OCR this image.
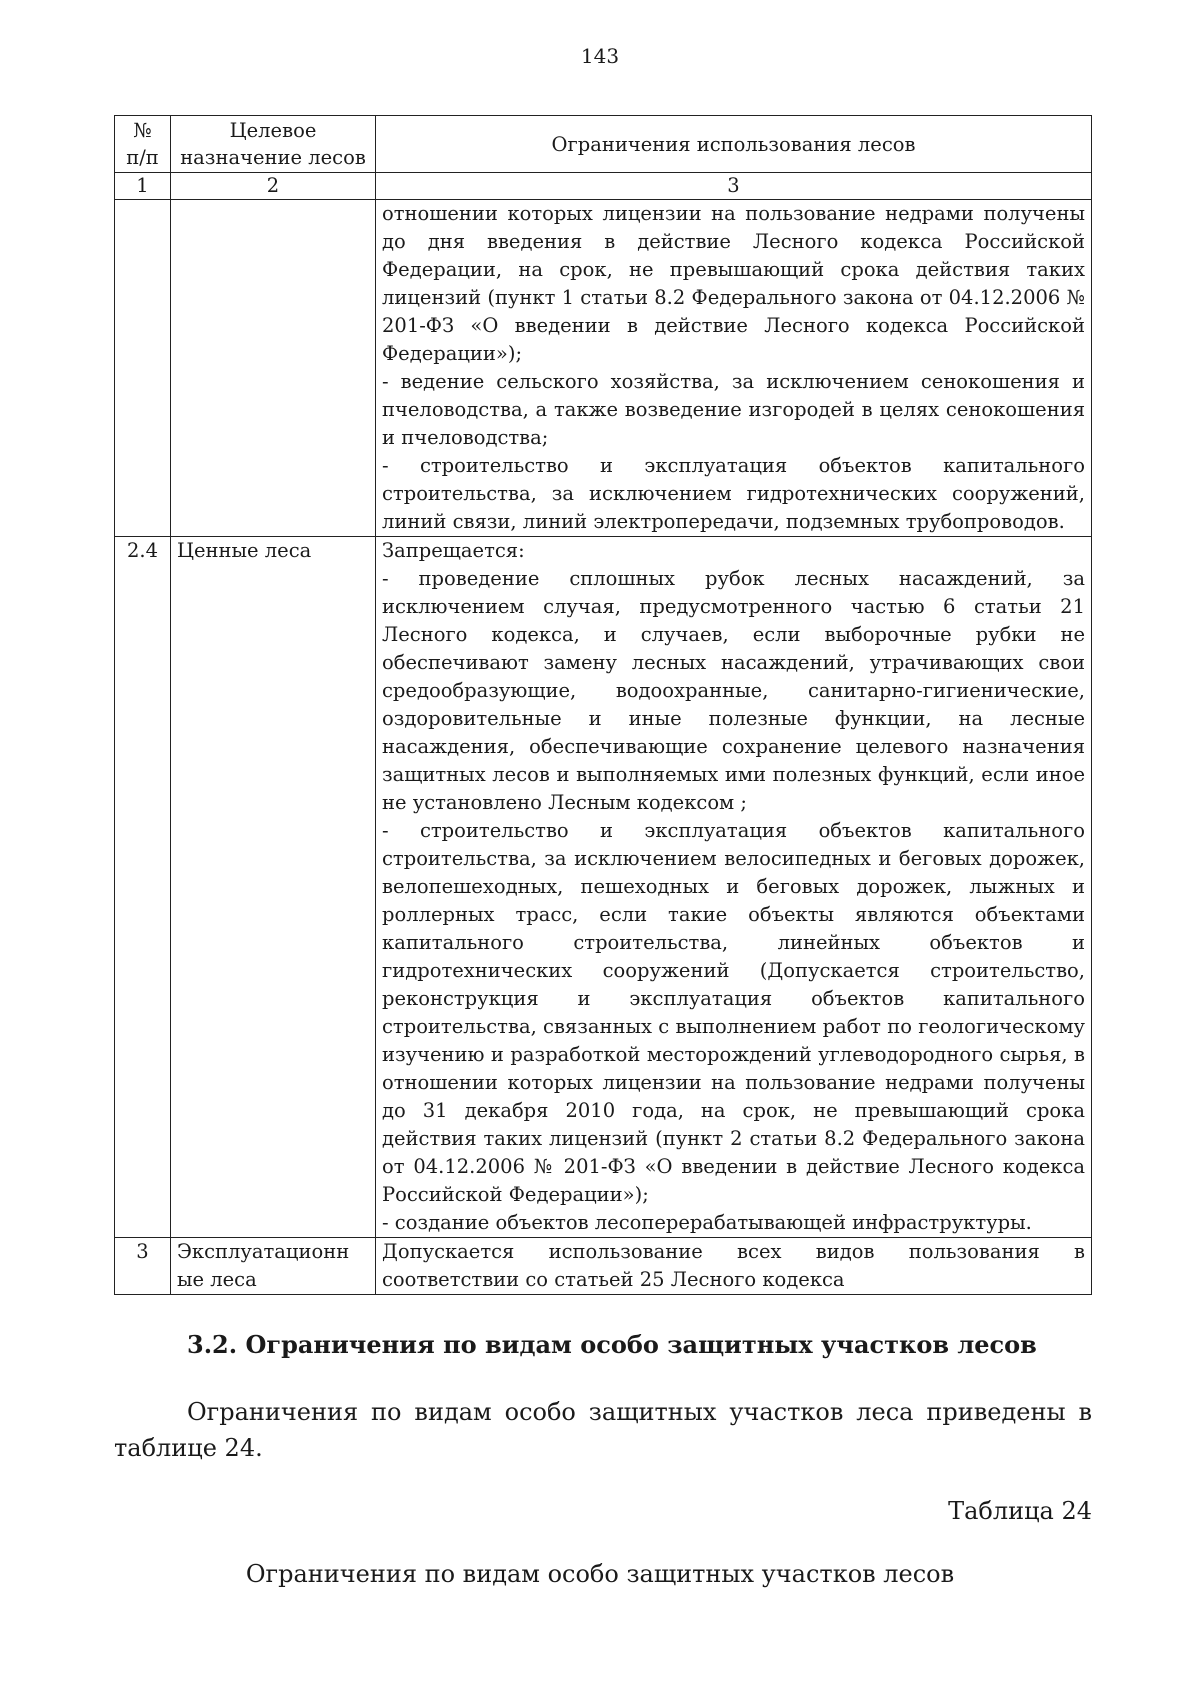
143
№ п/п	Целевое назначение лесов	Ограничения использования лесов
1	2	3

		отношении которых лицензии на пользование недрами получены до дня введения в действие Лесного кодекса Российской Федерации, на срок, не превышающий срока действия таких лицензий (пункт 1 статьи 8.2 Федерального закона от 04.12.2006 № 201-ФЗ «О введении в действие Лесного кодекса Российской Федерации»);

- ведение сельского хозяйства, за исключением сенокошения и пчеловодства, а также возведение изгородей в целях сенокошения и пчеловодства;

- строительство и эксплуатация объектов капитального строительства, за исключением гидротехнических сооружений, линий связи, линий электропередачи, подземных трубопроводов.

2.4	Ценные леса	Запрещается:

- проведение сплошных рубок лесных насаждений, за исключением случая, предусмотренного частью 6 статьи 21 Лесного кодекса, и случаев, если выборочные рубки не обеспечивают замену лесных насаждений, утрачивающих свои средообразующие, водоохранные, санитарно-гигиенические, оздоровительные и иные полезные функции, на лесные насаждения, обеспечивающие сохранение целевого назначения защитных лесов и выполняемых ими полезных функций, если иное не установлено Лесным кодексом ;

- строительство и эксплуатация объектов капитального строительства, за исключением велосипедных и беговых дорожек, велопешеходных, пешеходных и беговых дорожек, лыжных и роллерных трасс, если такие объекты являются объектами капитального строительства, линейных объектов и гидротехнических сооружений (Допускается строительство, реконструкция и эксплуатация объектов капитального строительства, связанных с выполнением работ по геологическому изучению и разработкой месторождений углеводородного сырья, в отношении которых лицензии на пользование недрами получены до 31 декабря 2010 года, на срок, не превышающий срока действия таких лицензий (пункт 2 статьи 8.2 Федерального закона от 04.12.2006 № 201-ФЗ «О введении в действие Лесного кодекса Российской Федерации»);

- создание объектов лесоперерабатывающей инфраструктуры.

3	Эксплуатационн ые леса	Допускается использование всех видов пользования в соответствии со статьей 25 Лесного кодекса

3.2. Ограничения по видам особо защитных участков лесов

Ограничения по видам особо защитных участков леса приведены в таблице 24.

Таблица 24
Ограничения по видам особо защитных участков лесов
